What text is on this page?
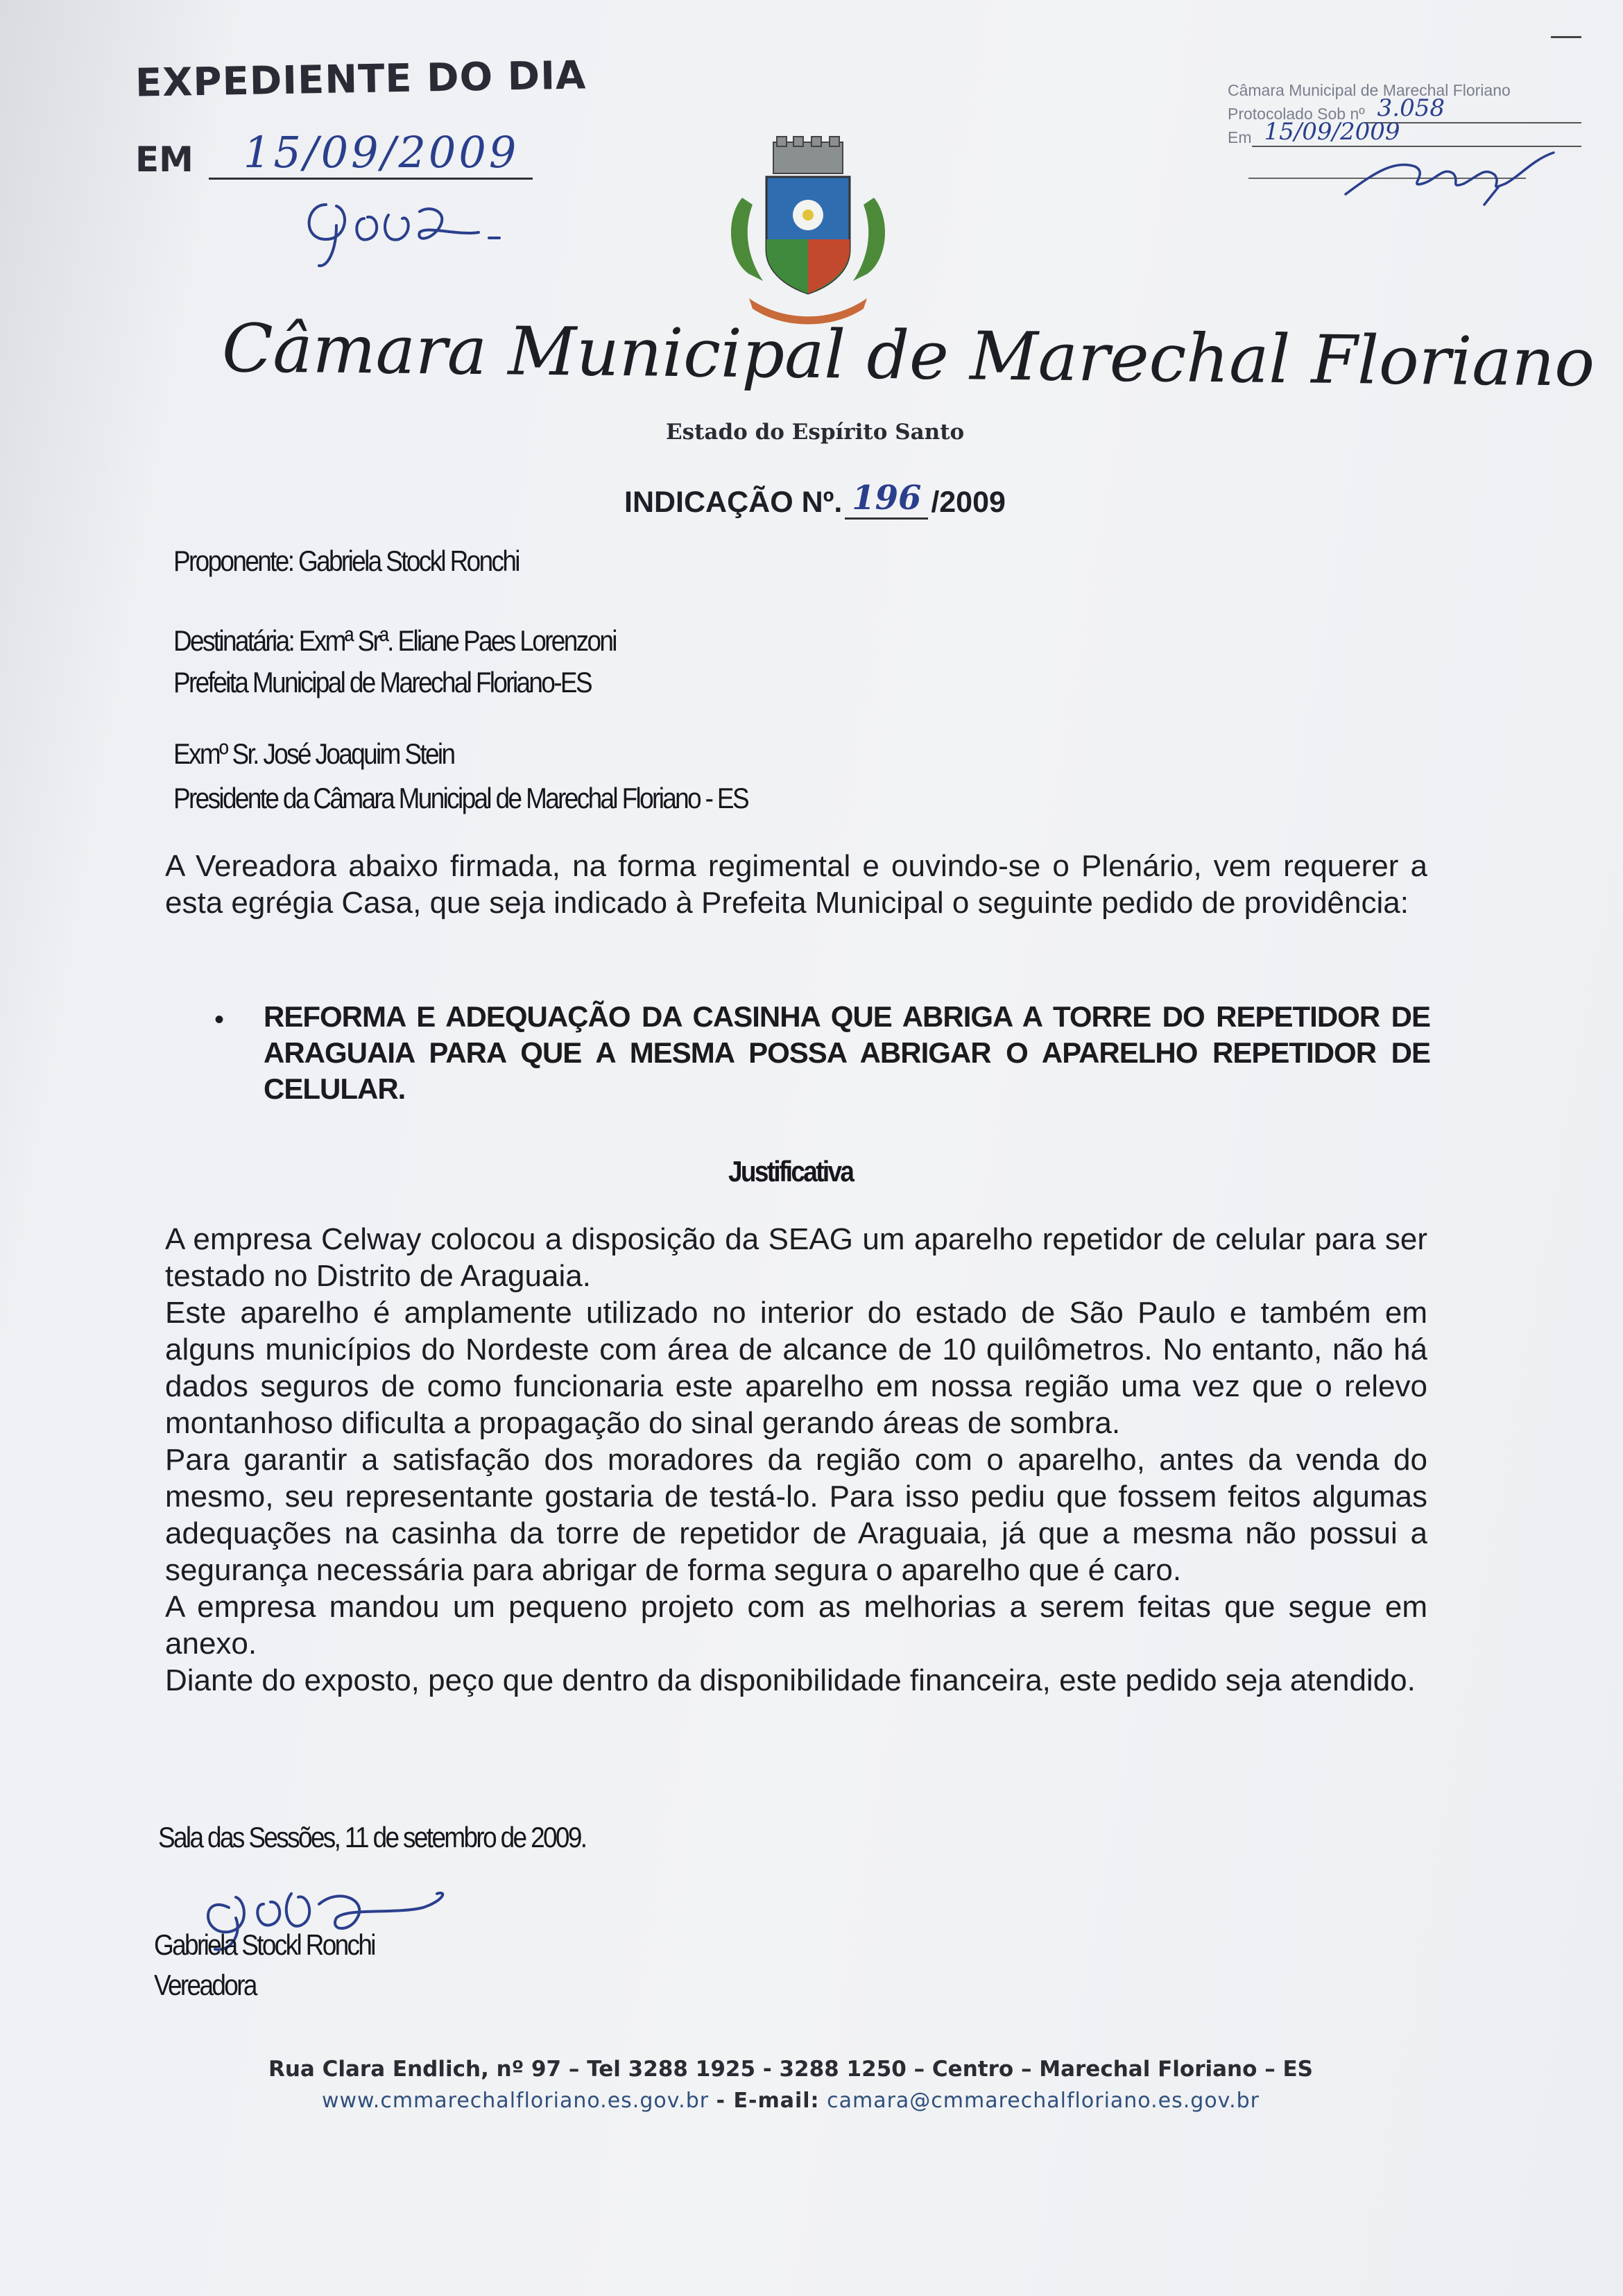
EXPEDIENTE DO DIA
EM	15/09/2009
Câmara Municipal de Marechal Floriano
Protocolado Sob nº 3.058
Em 15/09/2009
Câmara Municipal de Marechal Floriano
Estado do Espírito Santo
INDICAÇÃO Nº. 196 /2009
Proponente: Gabriela Stockl Ronchi
Destinatária: Exmª Srª. Eliane Paes Lorenzoni
Prefeita Municipal de Marechal Floriano-ES
Exmº Sr. José Joaquim Stein
Presidente da Câmara Municipal de Marechal Floriano - ES

A Vereadora abaixo firmada, na forma regimental e ouvindo-se o Plenário, vem requerer a esta egrégia Casa, que seja indicado à Prefeita Municipal o seguinte pedido de providência:

• REFORMA E ADEQUAÇÃO DA CASINHA QUE ABRIGA A TORRE DO REPETIDOR DE ARAGUAIA PARA QUE A MESMA POSSA ABRIGAR O APARELHO REPETIDOR DE CELULAR.
Justificativa

A empresa Celway colocou a disposição da SEAG um aparelho repetidor de celular para ser testado no Distrito de Araguaia.

Este aparelho é amplamente utilizado no interior do estado de São Paulo e também em alguns municípios do Nordeste com área de alcance de 10 quilômetros. No entanto, não há dados seguros de como funcionaria este aparelho em nossa região uma vez que o relevo montanhoso dificulta a propagação do sinal gerando áreas de sombra.

Para garantir a satisfação dos moradores da região com o aparelho, antes da venda do mesmo, seu representante gostaria de testá-lo. Para isso pediu que fossem feitos algumas adequações na casinha da torre de repetidor de Araguaia, já que a mesma não possui a segurança necessária para abrigar de forma segura o aparelho que é caro.

A empresa mandou um pequeno projeto com as melhorias a serem feitas que segue em anexo.

Diante do exposto, peço que dentro da disponibilidade financeira, este pedido seja atendido.

Sala das Sessões, 11 de setembro de 2009.
Gabriela Stockl Ronchi
Vereadora
Rua Clara Endlich, nº 97 – Tel 3288 1925 - 3288 1250 – Centro – Marechal Floriano – ES
www.cmmarechalfloriano.es.gov.br - E-mail: camara@cmmarechalfloriano.es.gov.br
